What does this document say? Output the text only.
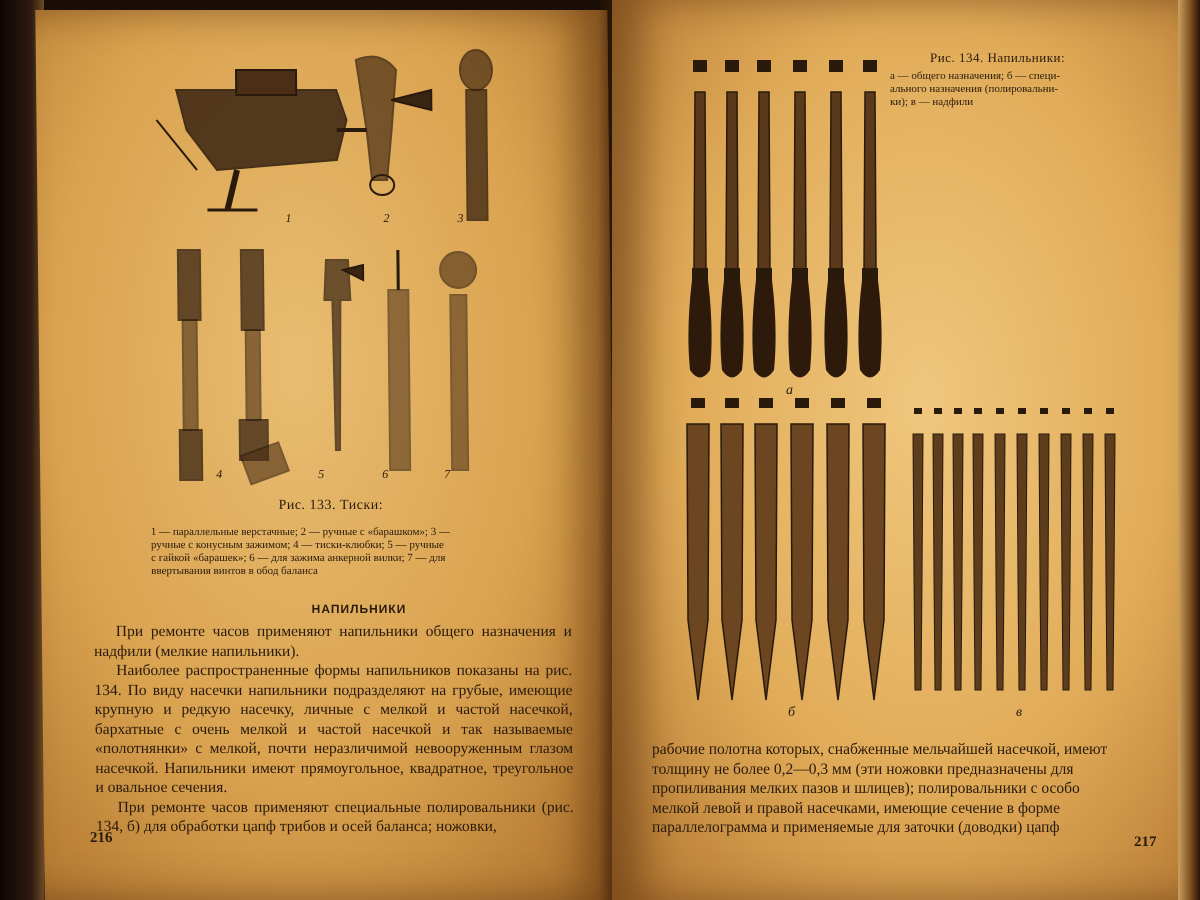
1	2	3
4	5	6	7
Рис. 133. Тиски:
1 — параллельные верстачные; 2 — ручные с «барашком»; 3 —
ручные с конусным зажимом; 4 — тиски-клюбки; 5 — ручные
с гайкой «барашек»; 6 — для зажима анкерной вилки; 7 — для
ввертывания винтов в обод баланса
НАПИЛЬНИКИ

При ремонте часов применяют напильники общего назначения и надфили (мелкие напильники).

Наиболее распространенные формы напильников показаны на рис. 134. По виду насечки напильники подразделяют на грубые, имеющие крупную и редкую насечку, личные с мелкой и частой насечкой, бархатные с очень мелкой и частой насечкой и так называемые «полотнянки» с мелкой, почти неразличимой невооруженным глазом насечкой. Напильники имеют прямоугольное, квадратное, треугольное и овальное сечения.

При ремонте часов применяют специальные полировальники (рис. 134, б) для обработки цапф трибов и осей баланса; ножовки,

216
Рис. 134. Напильники:
а — общего назначения; б — специ-
ального назначения (полировальни-
ки); в — надфили
а
б	в
рабочие полотна которых, снабженные мельчайшей насечкой, имеют
толщину не более 0,2—0,3 мм (эти ножовки предназначены для
пропиливания мелких пазов и шлицев); полировальники с особо
мелкой левой и правой насечками, имеющие сечение в форме
параллелограмма и применяемые для заточки (доводки) цапф
217
